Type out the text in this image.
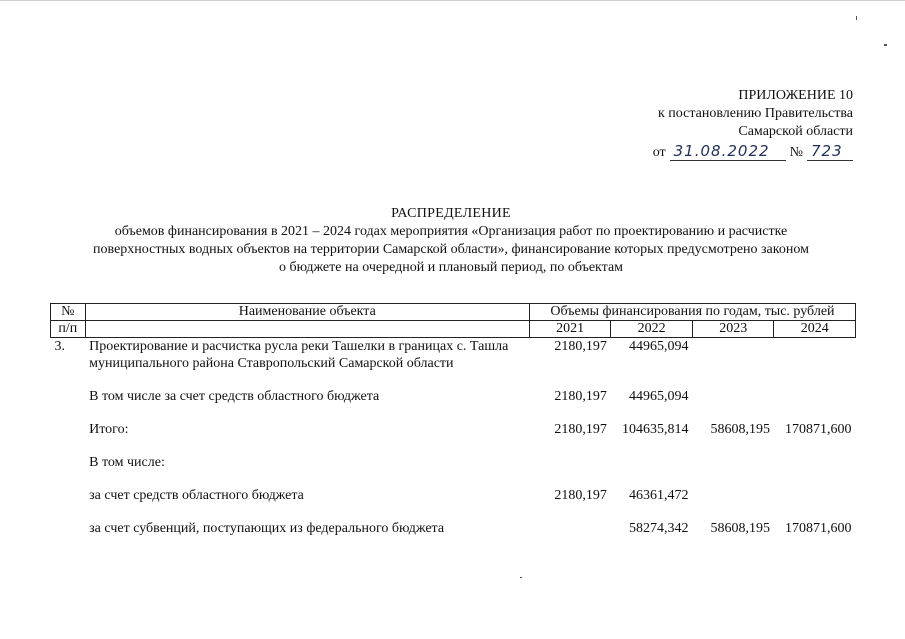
ПРИЛОЖЕНИЕ 10
к постановлению Правительства
Самарской области
от 31.08.2022	№ 723
РАСПРЕДЕЛЕНИЕ
объемов финансирования в 2021 – 2024 годах мероприятия «Организация работ по проектированию и расчистке
поверхностных водных объектов на территории Самарской области», финансирование которых предусмотрено законом
о бюджете на очередной и плановый период, по объектам
№	Наименование объекта	Объемы финансирования по годам, тыс. рублей			
п/п		2021	2022	2023	2024
3.	Проектирование и расчистка русла реки Ташелки в границах с. Ташла муниципального района Ставропольский Самарской области	2180,197	44965,094		

	В том числе за счет средств областного бюджета	2180,197	44965,094		

	Итого:	2180,197	104635,814	58608,195	170871,600

	В том числе:				

	за счет средств областного бюджета	2180,197	46361,472		

	за счет субвенций, поступающих из федерального бюджета		58274,342	58608,195	170871,600
